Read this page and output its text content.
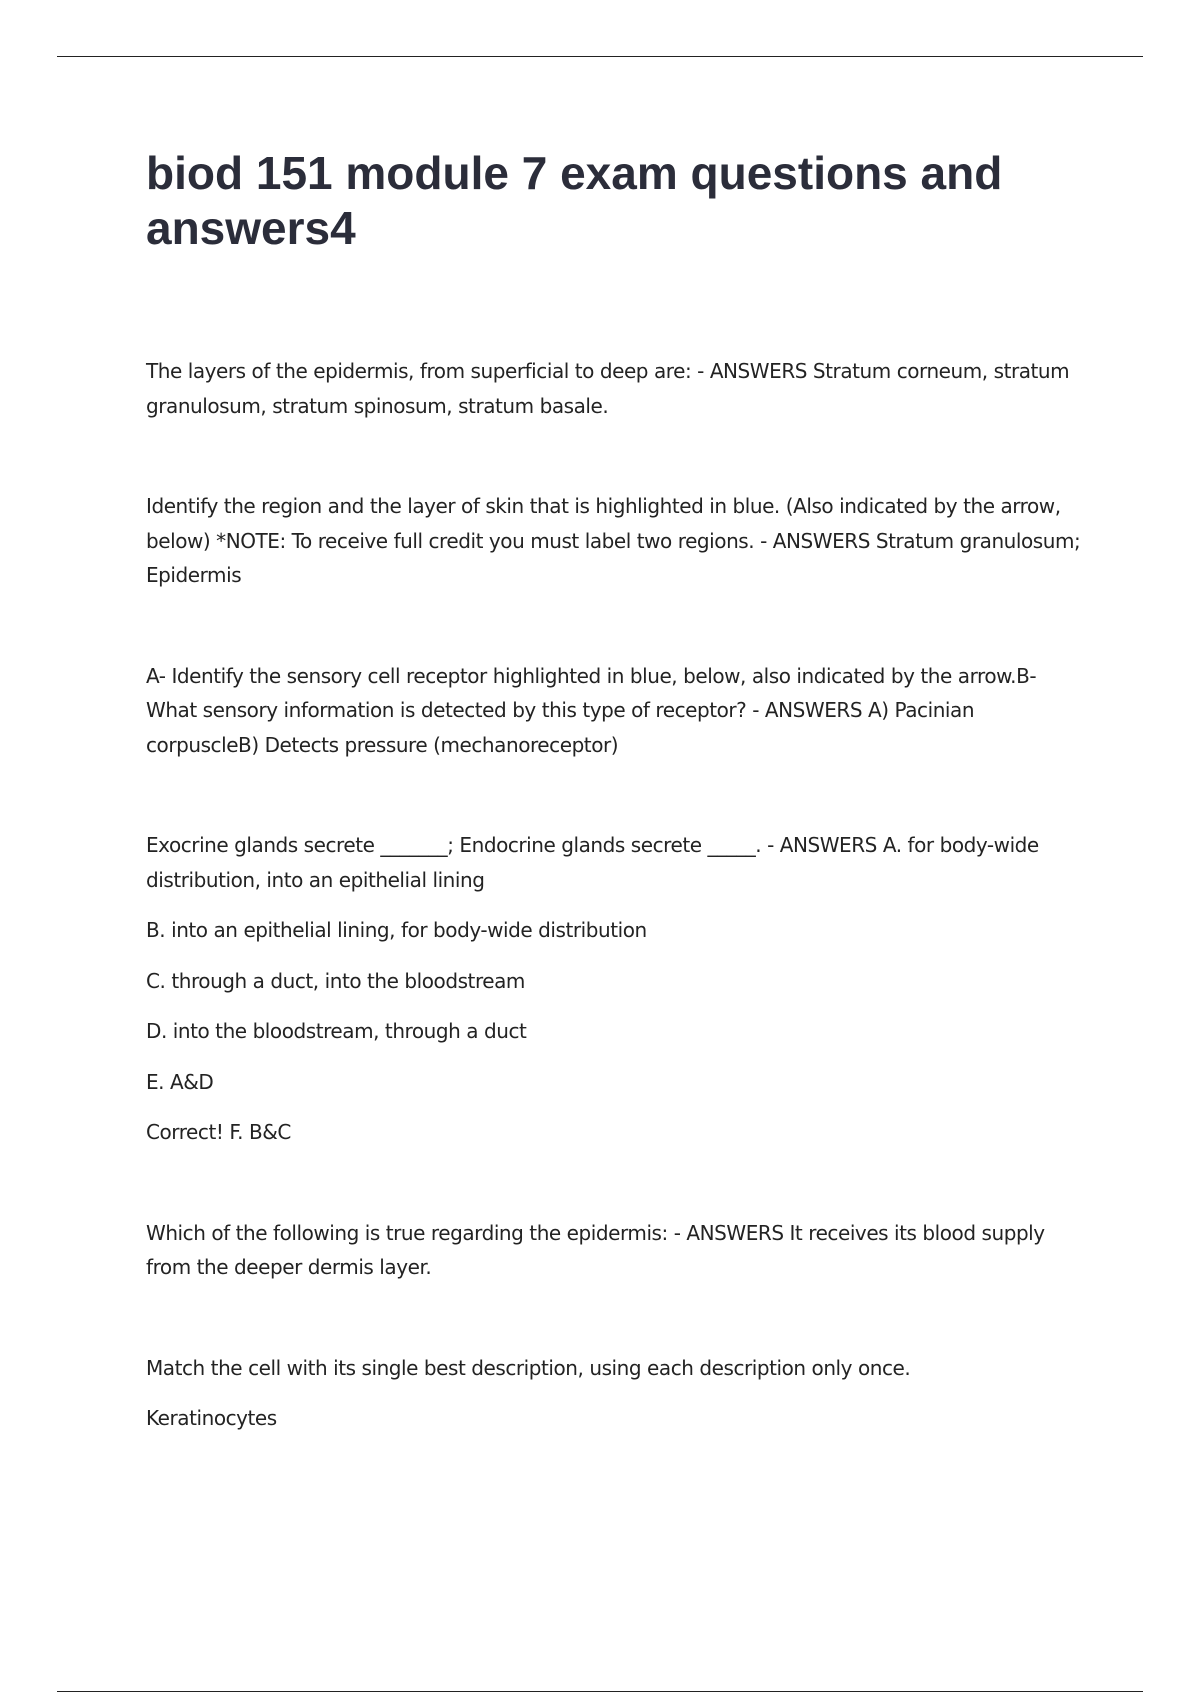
biod 151 module 7 exam questions and answers4

The layers of the epidermis, from superficial to deep are: - ANSWERS Stratum corneum, stratum granulosum, stratum spinosum, stratum basale.

Identify the region and the layer of skin that is highlighted in blue. (Also indicated by the arrow, below) *NOTE: To receive full credit you must label two regions. - ANSWERS Stratum granulosum; Epidermis

A- Identify the sensory cell receptor highlighted in blue, below, also indicated by the arrow.B- What sensory information is detected by this type of receptor? - ANSWERS A) Pacinian corpuscleB) Detects pressure (mechanoreceptor)

Exocrine glands secrete _______; Endocrine glands secrete _____. - ANSWERS A. for body-wide distribution, into an epithelial lining

B. into an epithelial lining, for body-wide distribution

C. through a duct, into the bloodstream

D. into the bloodstream, through a duct

E. A&D

Correct! F. B&C

Which of the following is true regarding the epidermis: - ANSWERS It receives its blood supply from the deeper dermis layer.

Match the cell with its single best description, using each description only once.

Keratinocytes
